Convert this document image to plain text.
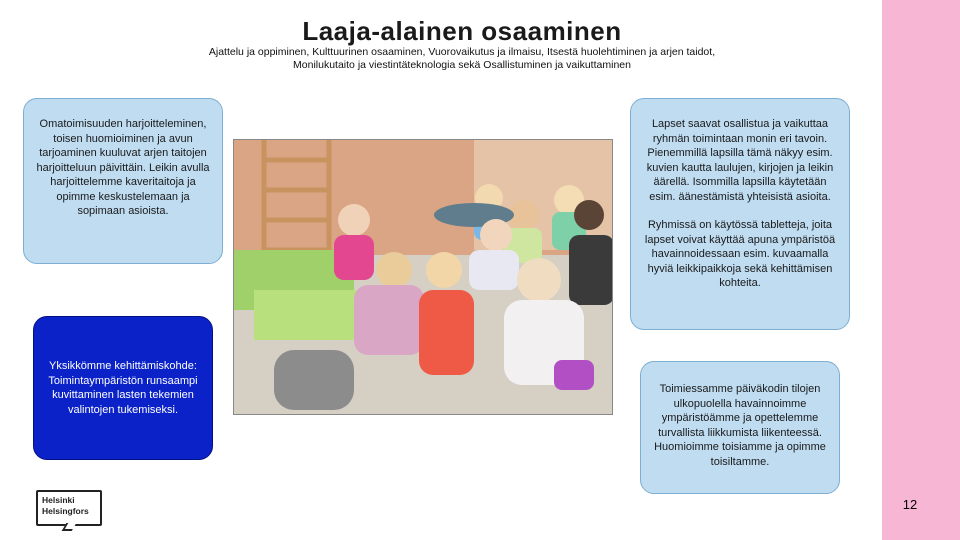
Laaja-alainen osaaminen
Ajattelu ja oppiminen, Kulttuurinen osaaminen, Vuorovaikutus ja ilmaisu, Itsestä huolehtiminen ja arjen taidot,
Monilukutaito ja viestintäteknologia sekä Osallistuminen ja vaikuttaminen
Omatoimisuuden harjoitteleminen, toisen huomioiminen ja avun tarjoaminen kuuluvat arjen taitojen harjoitteluun päivittäin. Leikin avulla harjoittelemme kaveritaitoja ja opimme keskustelemaan ja sopimaan asioista.
Yksikkömme kehittämiskohde: Toimintaympäristön runsaampi kuvittaminen lasten tekemien valintojen tukemiseksi.
Lapset saavat osallistua ja vaikuttaa ryhmän toimintaan monin eri tavoin. Pienemmillä lapsilla tämä näkyy esim. kuvien kautta laulujen, kirjojen ja leikin äärellä. Isommilla lapsilla käytetään esim. äänestämistä yhteisistä asioita.
Ryhmissä on käytössä tabletteja, joita lapset voivat käyttää apuna ympäristöä havainnoidessaan esim. kuvaamalla hyviä leikkipaikkoja sekä kehittämisen kohteita.
Toimiessamme päiväkodin tilojen ulkopuolella havainnoimme ympäristöämme ja opettelemme turvallista liikkumista liikenteessä. Huomioimme toisiamme ja opimme toisiltamme.
Helsinki
Helsingfors	12
